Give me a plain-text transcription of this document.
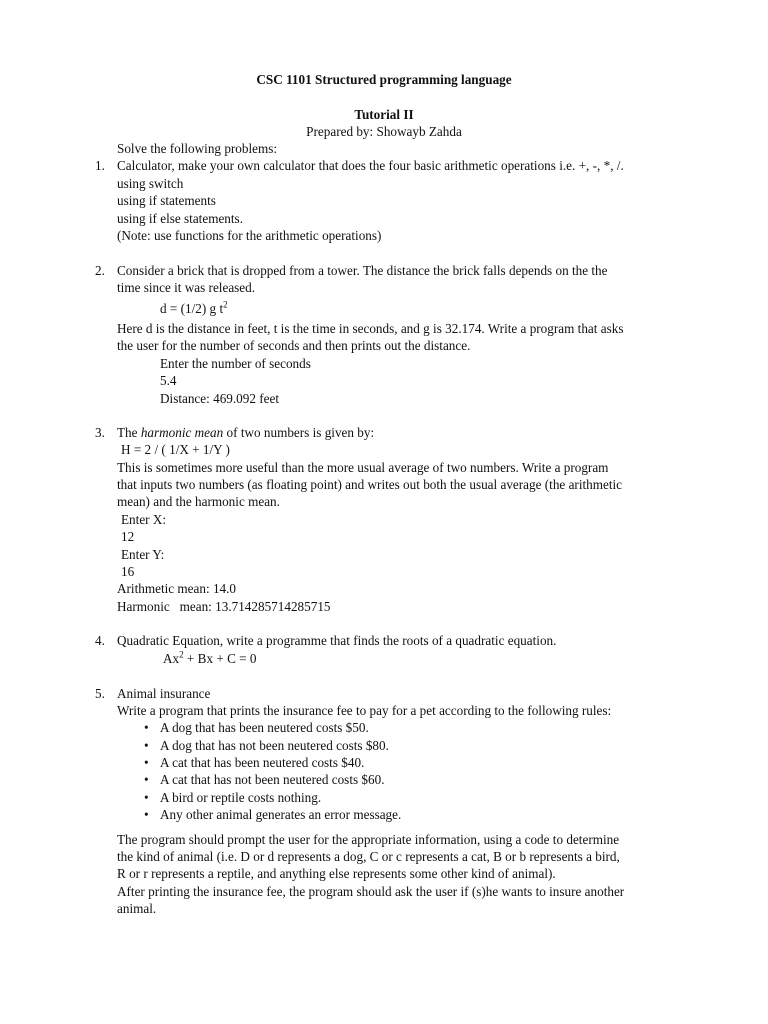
CSC 1101 Structured programming language
Tutorial II
Prepared by: Showayb Zahda
Solve the following problems:
1. Calculator, make your own calculator that does the four basic arithmetic operations i.e. +, -, *, /.
using switch
using if statements
using if else statements.
(Note: use functions for the arithmetic operations)
2. Consider a brick that is dropped from a tower. The distance the brick falls depends on the the
time since it was released.
d = (1/2) g $t^2$
Here d is the distance in feet, t is the time in seconds, and g is 32.174. Write a program that asks
the user for the number of seconds and then prints out the distance.
Enter the number of seconds
5.4
Distance: 469.092 feet
3. The harmonic mean of two numbers is given by:
H = 2 / ( 1/X + 1/Y )
This is sometimes more useful than the more usual average of two numbers. Write a program
that inputs two numbers (as floating point) and writes out both the usual average (the arithmetic
mean) and the harmonic mean.
Enter X:
12
Enter Y:
16
Arithmetic mean: 14.0
Harmonic   mean: 13.714285714285715
4. Quadratic Equation, write a programme that finds the roots of a quadratic equation.
$Ax^2 + Bx + C = 0$
5. Animal insurance
Write a program that prints the insurance fee to pay for a pet according to the following rules:
• A dog that has been neutered costs $50.
• A dog that has not been neutered costs $80.
• A cat that has been neutered costs $40.
• A cat that has not been neutered costs $60.
• A bird or reptile costs nothing.
• Any other animal generates an error message.
The program should prompt the user for the appropriate information, using a code to determine
the kind of animal (i.e. D or d represents a dog, C or c represents a cat, B or b represents a bird,
R or r represents a reptile, and anything else represents some other kind of animal).
After printing the insurance fee, the program should ask the user if (s)he wants to insure another
animal.
